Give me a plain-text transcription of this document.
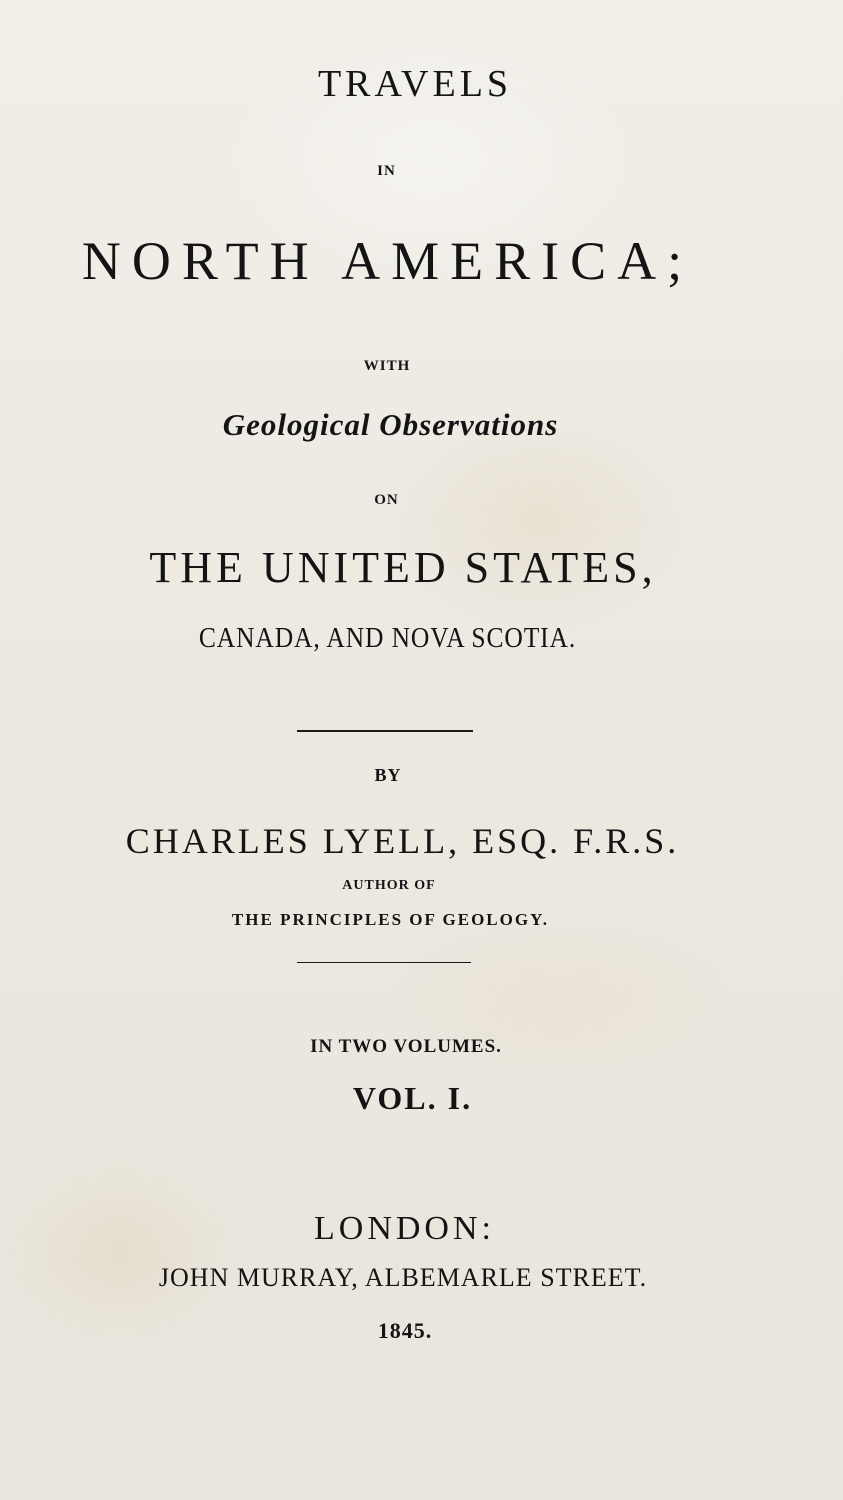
TRAVELS
IN
NORTH AMERICA;
WITH
Geological Observations
ON
THE UNITED STATES,
CANADA, AND NOVA SCOTIA.
BY
CHARLES LYELL, ESQ. F.R.S.
AUTHOR OF
THE PRINCIPLES OF GEOLOGY.
IN TWO VOLUMES.
VOL. I.
LONDON:
JOHN MURRAY, ALBEMARLE STREET.
1845.
